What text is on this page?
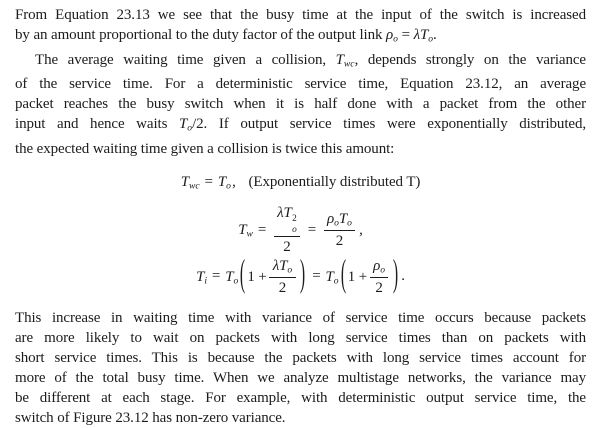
From Equation 23.13 we see that the busy time at the input of the switch is increased
by an amount proportional to the duty factor of the output link ρo = λTo.
The average waiting time given a collision, Twc, depends strongly on the variance
of the service time. For a deterministic service time, Equation 23.12, an average
packet reaches the busy switch when it is half done with a packet from the other
input and hence waits To/2. If output service times were exponentially distributed,
the expected waiting time given a collision is twice this amount:
Twc = To, (Exponentially distributed T)
Tw = λT 2
o
$2 = \frac{\text{ρoTo}}{2}$ ,
Ti = To ( $1 + \frac{\text{λTo}}{2}$ ) = To ( $1 + \frac{\rho o}{2}$ ) .
This increase in waiting time with variance of service time occurs because packets
are more likely to wait on packets with long service times than on packets with
short service times. This is because the packets with long service times account for
more of the total busy time. When we analyze multistage networks, the variance may
be different at each stage. For example, with deterministic output service time, the
switch of Figure 23.12 has non-zero variance.
